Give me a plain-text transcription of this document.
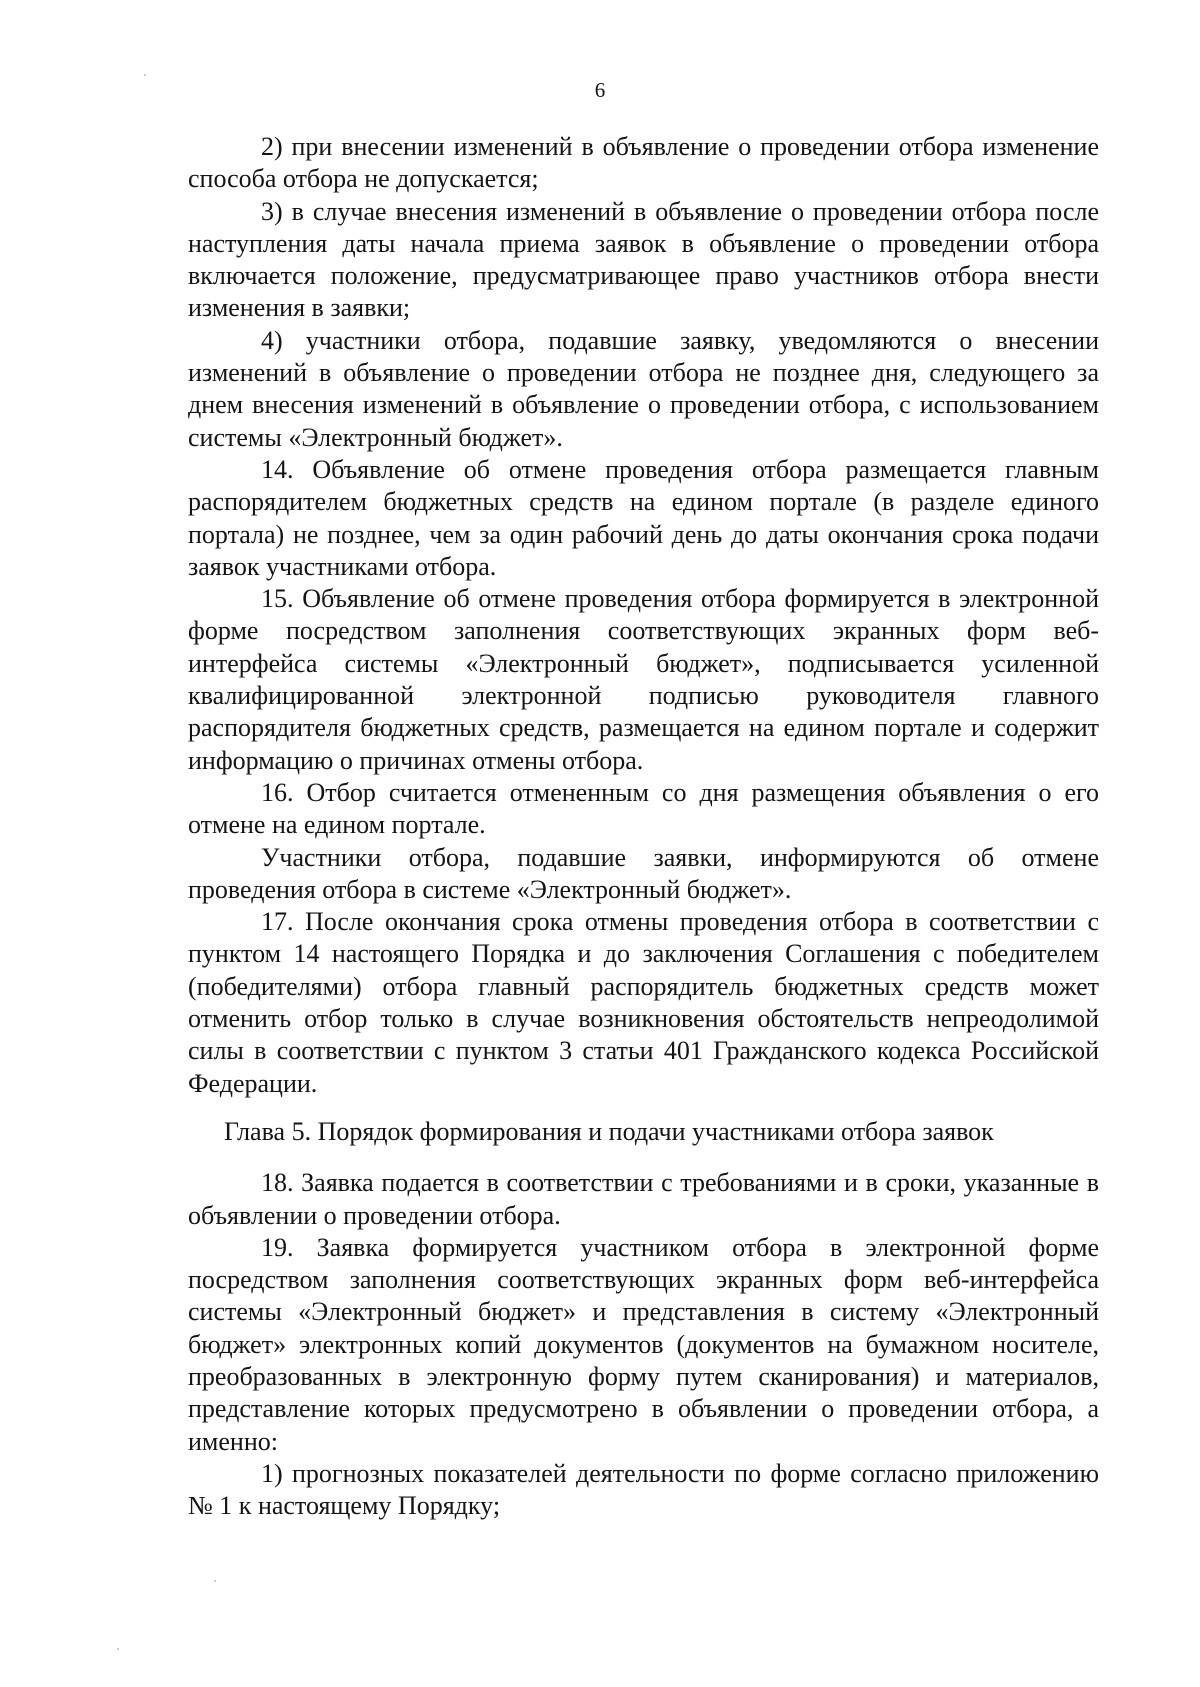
6

2) при внесении изменений в объявление о проведении отбора изменение способа отбора не допускается;

3) в случае внесения изменений в объявление о проведении отбора после наступления даты начала приема заявок в объявление о проведении отбора включается положение, предусматривающее право участников отбора внести изменения в заявки;

4) участники отбора, подавшие заявку, уведомляются о внесении изменений в объявление о проведении отбора не позднее дня, следующего за днем внесения изменений в объявление о проведении отбора, с использованием системы «Электронный бюджет».

14. Объявление об отмене проведения отбора размещается главным распорядителем бюджетных средств на едином портале (в разделе единого портала) не позднее, чем за один рабочий день до даты окончания срока подачи заявок участниками отбора.

15. Объявление об отмене проведения отбора формируется в электронной форме посредством заполнения соответствующих экранных форм веб-интерфейса системы «Электронный бюджет», подписывается усиленной квалифицированной электронной подписью руководителя главного распорядителя бюджетных средств, размещается на едином портале и содержит информацию о причинах отмены отбора.

16. Отбор считается отмененным со дня размещения объявления о его отмене на едином портале.

Участники отбора, подавшие заявки, информируются об отмене проведения отбора в системе «Электронный бюджет».

17. После окончания срока отмены проведения отбора в соответствии с пунктом 14 настоящего Порядка и до заключения Соглашения с победителем (победителями) отбора главный распорядитель бюджетных средств может отменить отбор только в случае возникновения обстоятельств непреодолимой силы в соответствии с пунктом 3 статьи 401 Гражданского кодекса Российской Федерации.

Глава 5. Порядок формирования и подачи участниками отбора заявок

18. Заявка подается в соответствии с требованиями и в сроки, указанные в объявлении о проведении отбора.

19. Заявка формируется участником отбора в электронной форме посредством заполнения соответствующих экранных форм веб-интерфейса системы «Электронный бюджет» и представления в систему «Электронный бюджет» электронных копий документов (документов на бумажном носителе, преобразованных в электронную форму путем сканирования) и материалов, представление которых предусмотрено в объявлении о проведении отбора, а именно:

1) прогнозных показателей деятельности по форме согласно приложению № 1 к настоящему Порядку;
